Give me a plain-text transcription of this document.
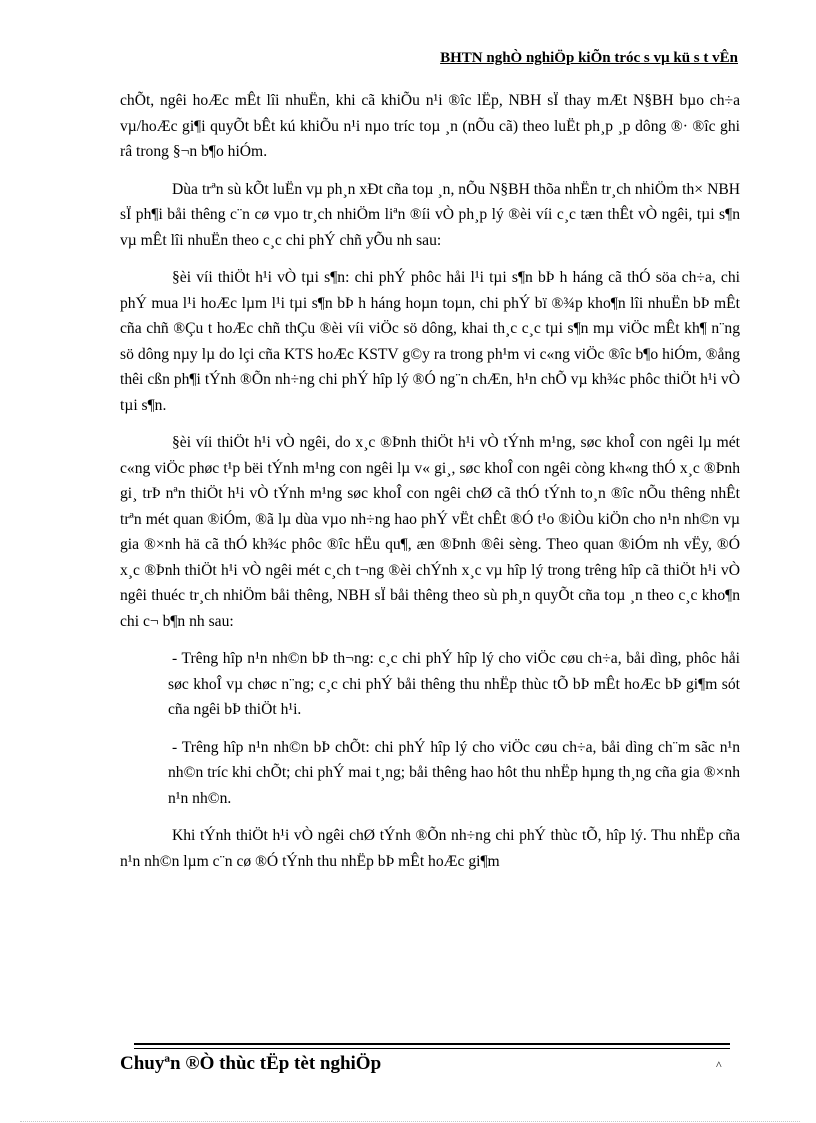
BHTN nghÒ nghiÖp kiÕn tróc s vµ kü s t vÊn

chÕt, ngêi hoÆc mÊt lîi nhuËn, khi cã khiÕu n¹i ®îc lËp, NBH sÏ thay mÆt N§BH bµo ch÷a vµ/hoÆc gi¶i quyÕt bÊt kú khiÕu n¹i nµo tríc toµ ¸n (nÕu cã) theo luËt ph¸p ¸p dông ®· ®îc ghi râ trong §¬n b¶o hiÓm.

Dùa trªn sù kÕt luËn vµ ph¸n xÐt cña toµ ¸n, nÕu N§BH thõa nhËn tr¸ch nhiÖm th× NBH sÏ ph¶i båi thêng c¨n cø vµo tr¸ch nhiÖm liªn ®íi vÒ ph¸p lý ®èi víi c¸c tæn thÊt vÒ ngêi, tµi s¶n vµ mÊt lîi nhuËn theo c¸c chi phÝ chñ yÕu nh sau:

§èi víi thiÖt h¹i vÒ tµi s¶n: chi phÝ phôc håi l¹i tµi s¶n bÞ h háng cã thÓ söa ch÷a, chi phÝ mua l¹i hoÆc lµm l¹i tµi s¶n bÞ h háng hoµn toµn, chi phÝ bï ®¾p kho¶n lîi nhuËn bÞ mÊt cña chñ ®Çu t hoÆc chñ thÇu ®èi víi viÖc sö dông, khai th¸c c¸c tµi s¶n mµ viÖc mÊt kh¶ n¨ng sö dông nµy lµ do lçi cña KTS hoÆc KSTV g©y ra trong ph¹m vi c«ng viÖc ®îc b¶o hiÓm, ®ång thêi cßn ph¶i tÝnh ®Õn nh÷ng chi phÝ hîp lý ®Ó ng¨n chÆn, h¹n chÕ vµ kh¾c phôc thiÖt h¹i vÒ tµi s¶n.

§èi víi thiÖt h¹i vÒ ngêi, do x¸c ®Þnh thiÖt h¹i vÒ tÝnh m¹ng, søc khoÎ con ngêi lµ mét c«ng viÖc phøc t¹p bëi tÝnh m¹ng con ngêi lµ v« gi¸, søc khoÎ con ngêi còng kh«ng thÓ x¸c ®Þnh gi¸ trÞ nªn thiÖt h¹i vÒ tÝnh m¹ng søc khoÎ con ngêi chØ cã thÓ tÝnh to¸n ®îc nÕu thêng nhÊt trªn mét quan ®iÓm, ®ã lµ dùa vµo nh÷ng hao phÝ vËt chÊt ®Ó t¹o ®iÒu kiÖn cho n¹n nh©n vµ gia ®×nh hä cã thÓ kh¾c phôc ®îc hËu qu¶, æn ®Þnh ®êi sèng. Theo quan ®iÓm nh vËy, ®Ó x¸c ®Þnh thiÖt h¹i vÒ ngêi mét c¸ch t¬ng ®èi chÝnh x¸c vµ hîp lý trong trêng hîp cã thiÖt h¹i vÒ ngêi thuéc tr¸ch nhiÖm båi thêng, NBH sÏ båi thêng theo sù ph¸n quyÕt cña toµ ¸n theo c¸c kho¶n chi c¬ b¶n nh sau:

- Trêng hîp n¹n nh©n bÞ th¬ng: c¸c chi phÝ hîp lý cho viÖc cøu ch÷a, båi dìng, phôc håi søc khoÎ vµ chøc n¨ng; c¸c chi phÝ båi thêng thu nhËp thùc tÕ bÞ mÊt hoÆc bÞ gi¶m sót cña ngêi bÞ thiÖt h¹i.

- Trêng hîp n¹n nh©n bÞ chÕt: chi phÝ hîp lý cho viÖc cøu ch÷a, båi dìng ch¨m sãc n¹n nh©n tríc khi chÕt; chi phÝ mai t¸ng; båi thêng hao hôt thu nhËp hµng th¸ng cña gia ®×nh n¹n nh©n.

Khi tÝnh thiÖt h¹i vÒ ngêi chØ tÝnh ®Õn nh÷ng chi phÝ thùc tÕ, hîp lý. Thu nhËp cña n¹n nh©n lµm c¨n cø ®Ó tÝnh thu nhËp bÞ mÊt hoÆc gi¶m

Chuyªn ®Ò thùc tËp tèt nghiÖp	^
